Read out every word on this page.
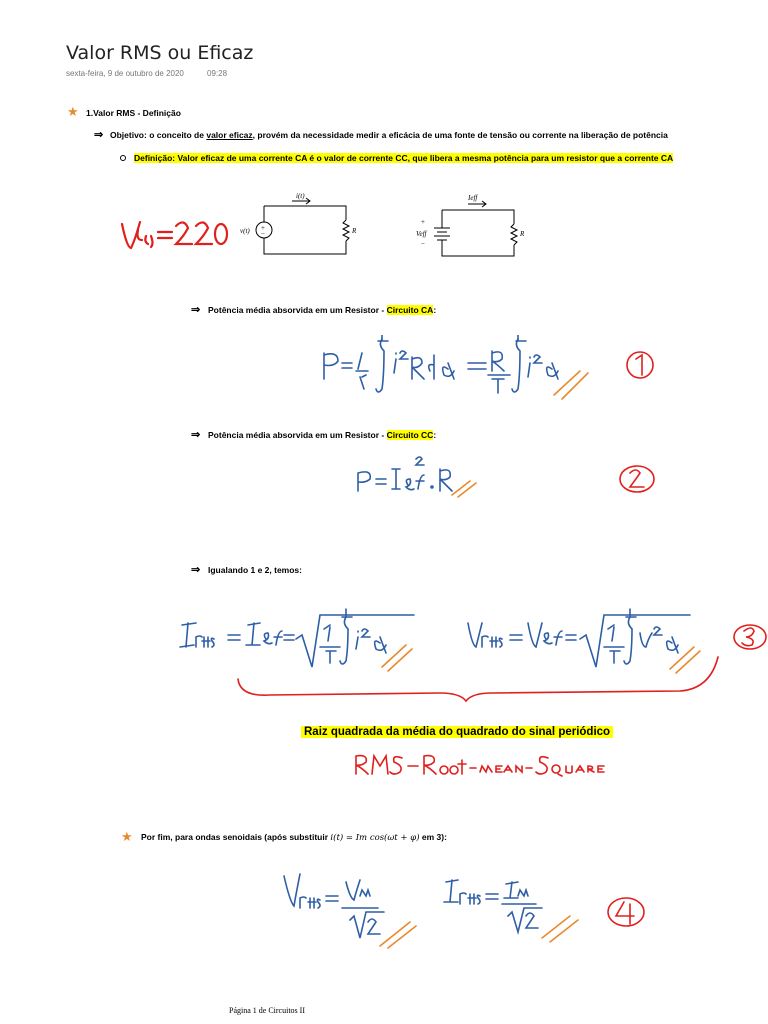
Valor RMS ou Eficaz
sexta-feira, 9 de outubro de 2020	09:28
★ 1.Valor RMS - Definição
⇒ Objetivo: o conceito de valor eficaz, provém da necessidade medir a eficácia de uma fonte de tensão ou corrente na liberação de potência
Definição: Valor eficaz de uma corrente CA é o valor de corrente CC, que libera a mesma potência para um resistor que a corrente CA
i(t)
v(t)	R
+
−
Ieff
Veff
+
−
R
⇒ Potência média absorvida em um Resistor - Circuito CA:
⇒ Potência média absorvida em um Resistor - Circuito CC:
⇒ Igualando 1 e 2, temos:
Raiz quadrada da média do quadrado do sinal periódico
★ Por fim, para ondas senoidais (após substituir i(t) = Im cos(ωt + φ) em 3):
Página 1 de Circuitos II
